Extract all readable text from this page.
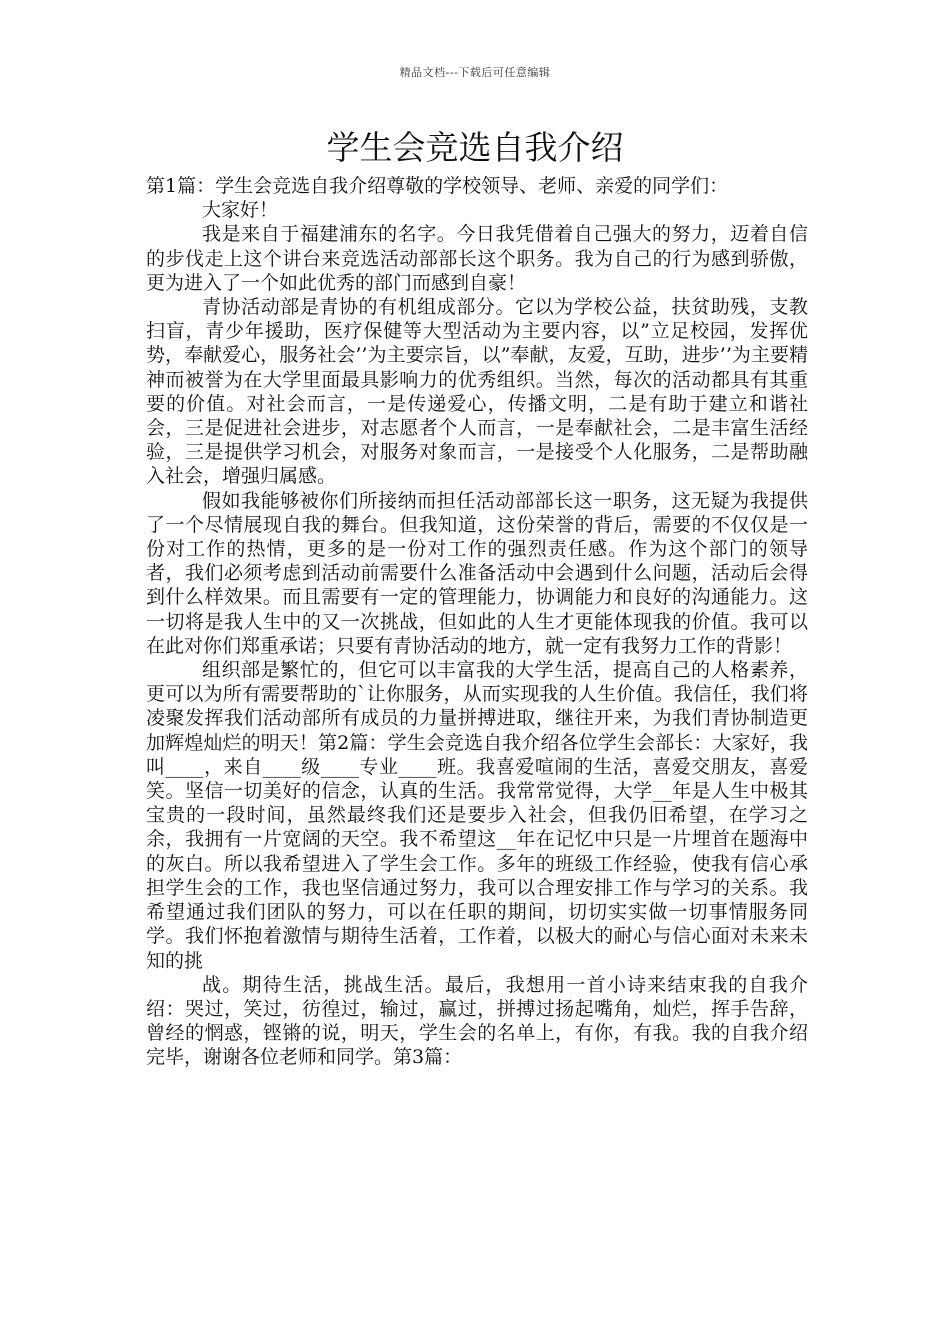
精品文档---下载后可任意编辑
学生会竞选自我介绍

第1篇：学生会竞选自我介绍尊敬的学校领导、老师、亲爱的同学们：

大家好！

我是来自于福建浦东的名字。今日我凭借着自己强大的努力，迈着自信的步伐走上这个讲台来竞选活动部部长这个职务。我为自己的行为感到骄傲，更为进入了一个如此优秀的部门而感到自豪！

青协活动部是青协的有机组成部分。它以为学校公益，扶贫助残，支教扫盲，青少年援助，医疗保健等大型活动为主要内容，以”立足校园，发挥优势，奉献爱心，服务社会’’为主要宗旨，以”奉献，友爱，互助，进步’’为主要精神而被誉为在大学里面最具影响力的优秀组织。当然，每次的活动都具有其重要的价值。对社会而言，一是传递爱心，传播文明，二是有助于建立和谐社会，三是促进社会进步，对志愿者个人而言，一是奉献社会，二是丰富生活经验，三是提供学习机会，对服务对象而言，一是接受个人化服务，二是帮助融入社会，增强归属感。

假如我能够被你们所接纳而担任活动部部长这一职务，这无疑为我提供了一个尽情展现自我的舞台。但我知道，这份荣誉的背后，需要的不仅仅是一份对工作的热情，更多的是一份对工作的强烈责任感。作为这个部门的领导者，我们必须考虑到活动前需要什么准备活动中会遇到什么问题，活动后会得到什么样效果。而且需要有一定的管理能力，协调能力和良好的沟通能力。这一切将是我人生中的又一次挑战，但如此的人生才更能体现我的价值。我可以在此对你们郑重承诺；只要有青协活动的地方，就一定有我努力工作的背影！

组织部是繁忙的，但它可以丰富我的大学生活，提高自己的人格素养，更可以为所有需要帮助的`让你服务，从而实现我的人生价值。我信任，我们将凌聚发挥我们活动部所有成员的力量拼搏进取，继往开来，为我们青协制造更加辉煌灿烂的明天！第2篇：学生会竞选自我介绍各位学生会部长：大家好，我叫____，来自____级____专业____班。我喜爱喧闹的生活，喜爱交朋友，喜爱笑。坚信一切美好的信念，认真的生活。我常常觉得，大学__年是人生中极其宝贵的一段时间，虽然最终我们还是要步入社会，但我仍旧希望，在学习之余，我拥有一片宽阔的天空。我不希望这__年在记忆中只是一片埋首在题海中的灰白。所以我希望进入了学生会工作。多年的班级工作经验，使我有信心承担学生会的工作，我也坚信通过努力，我可以合理安排工作与学习的关系。我希望通过我们团队的努力，可以在任职的期间，切切实实做一切事情服务同学。我们怀抱着激情与期待生活着，工作着，以极大的耐心与信心面对未来未知的挑

战。期待生活，挑战生活。最后，我想用一首小诗来结束我的自我介绍：哭过，笑过，彷徨过，输过，赢过，拼搏过扬起嘴角，灿烂，挥手告辞，曾经的惘惑，铿锵的说，明天，学生会的名单上，有你，有我。我的自我介绍完毕，谢谢各位老师和同学。第3篇：
